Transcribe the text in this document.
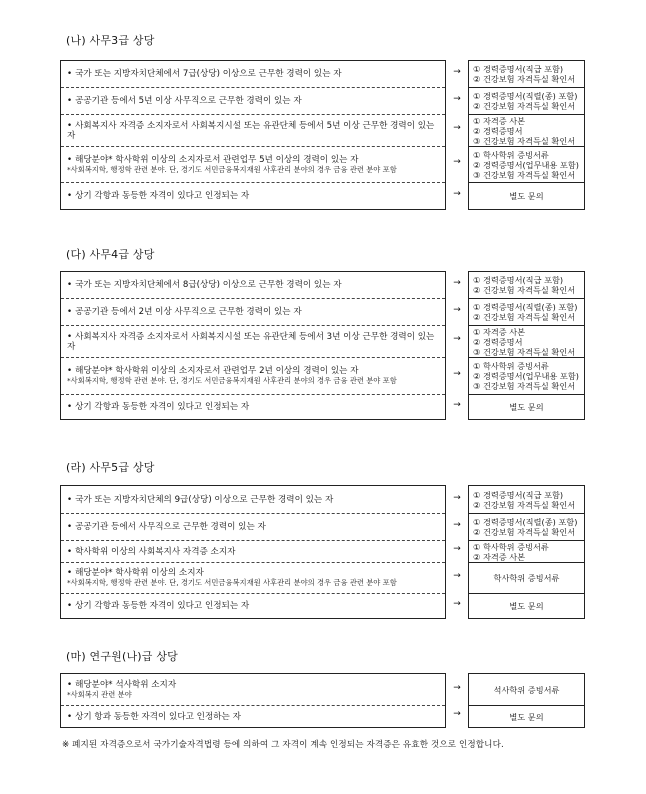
(나) 사무3급 상당
• 국가 또는 지방자치단체에서 7급(상당) 이상으로 근무한 경력이 있는 자
• 공공기관 등에서 5년 이상 사무직으로 근무한 경력이 있는 자
• 사회복지사 자격증 소지자로서 사회복지시설 또는 유관단체 등에서 5년 이상 근무한 경력이 있는 자
• 해당분야* 학사학위 이상의 소지자로서 관련업무 5년 이상의 경력이 있는 자
*사회복지학, 행정학 관련 분야. 단, 경기도 서민금융복지재원 사후관리 분야의 경우 금융 관련 분야 포함
• 상기 각항과 동등한 자격이 있다고 인정되는 자
① 경력증명서(직급 포함)
② 건강보험 자격득실 확인서
① 경력증명서(직렬(종) 포함)
② 건강보험 자격득실 확인서
① 자격증 사본
② 경력증명서
③ 건강보험 자격득실 확인서
① 학사학위 증빙서류
② 경력증명서(업무내용 포함)
③ 건강보험 자격득실 확인서
별도 문의
→
→
→
→
→
(다) 사무4급 상당
• 국가 또는 지방자치단체에서 8급(상당) 이상으로 근무한 경력이 있는 자
• 공공기관 등에서 2년 이상 사무직으로 근무한 경력이 있는 자
• 사회복지사 자격증 소지자로서 사회복지시설 또는 유관단체 등에서 3년 이상 근무한 경력이 있는 자
• 해당분야* 학사학위 이상의 소지자로서 관련업무 2년 이상의 경력이 있는 자
*사회복지학, 행정학 관련 분야. 단, 경기도 서민금융복지재원 사후관리 분야의 경우 금융 관련 분야 포함
• 상기 각항과 동등한 자격이 있다고 인정되는 자
① 경력증명서(직급 포함)
② 건강보험 자격득실 확인서
① 경력증명서(직렬(종) 포함)
② 건강보험 자격득실 확인서
① 자격증 사본
② 경력증명서
③ 건강보험 자격득실 확인서
① 학사학위 증빙서류
② 경력증명서(업무내용 포함)
③ 건강보험 자격득실 확인서
별도 문의
→
→
→
→
→
(라) 사무5급 상당
• 국가 또는 지방자치단체의 9급(상당) 이상으로 근무한 경력이 있는 자
• 공공기관 등에서 사무직으로 근무한 경력이 있는 자
• 학사학위 이상의 사회복지사 자격증 소지자
• 해당분야* 학사학위 이상의 소지자
*사회복지학, 행정학 관련 분야. 단, 경기도 서민금융복지재원 사후관리 분야의 경우 금융 관련 분야 포함
• 상기 각항과 동등한 자격이 있다고 인정되는 자
① 경력증명서(직급 포함)
② 건강보험 자격득실 확인서
① 경력증명서(직렬(종) 포함)
② 건강보험 자격득실 확인서
① 학사학위 증빙서류
② 자격증 사본
학사학위 증빙서류
별도 문의
→
→
→
→
→
(마) 연구원(나)급 상당
• 해당분야* 석사학위 소지자
*사회복지 관련 분야
• 상기 항과 동등한 자격이 있다고 인정하는 자
석사학위 증빙서류
별도 문의
→
→
※ 폐지된 자격증으로서 국가기술자격법령 등에 의하여 그 자격이 계속 인정되는 자격증은 유효한 것으로 인정합니다.
